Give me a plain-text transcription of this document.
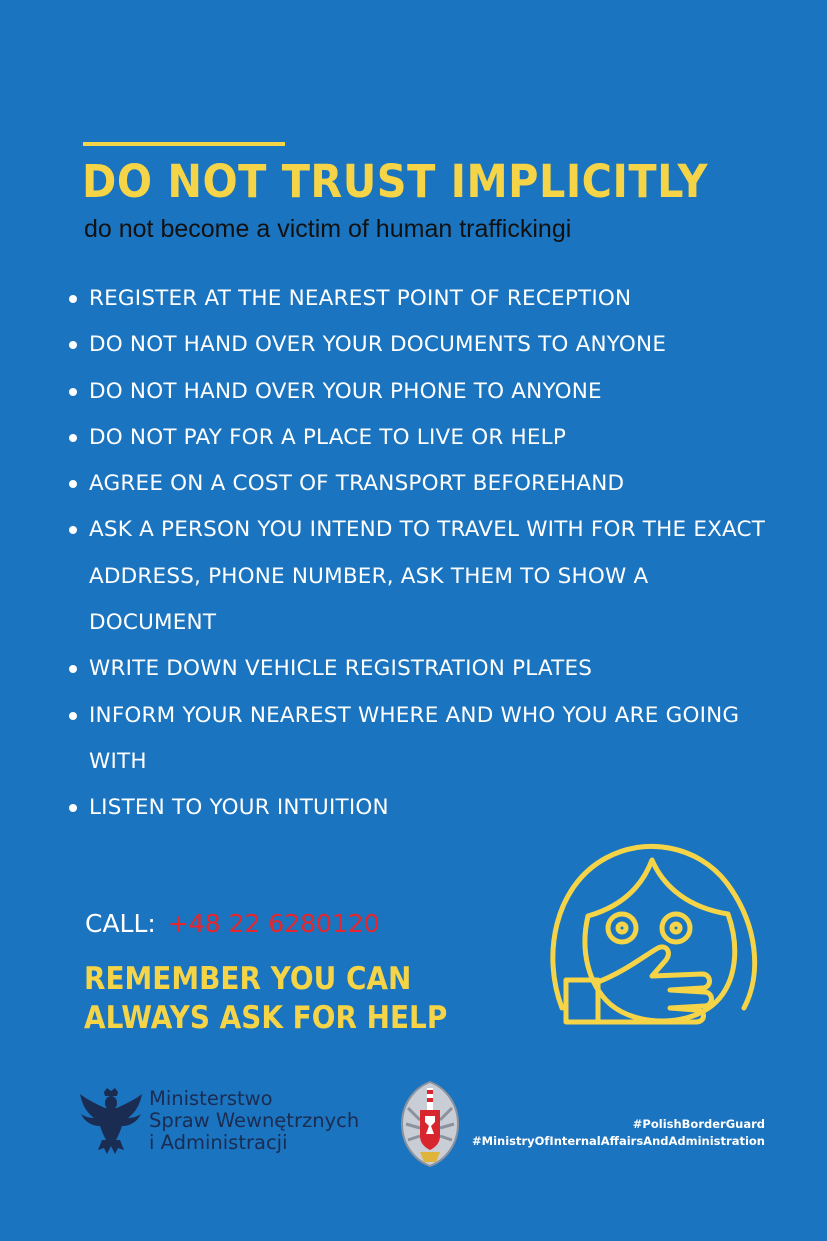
DO NOT TRUST IMPLICITLY

do not become a victim of human traffickingi

REGISTER AT THE NEAREST POINT OF RECEPTION
DO NOT HAND OVER YOUR DOCUMENTS TO ANYONE
DO NOT HAND OVER YOUR PHONE TO ANYONE
DO NOT PAY FOR A PLACE TO LIVE OR HELP
AGREE ON A COST OF TRANSPORT BEFOREHAND
ASK A PERSON YOU INTEND TO TRAVEL WITH FOR THE EXACT ADDRESS, PHONE NUMBER, ASK THEM TO SHOW A DOCUMENT
WRITE DOWN VEHICLE REGISTRATION PLATES
INFORM YOUR NEAREST WHERE AND WHO YOU ARE GOING WITH
LISTEN TO YOUR INTUITION
CALL: +48 22 6280120

REMEMBER YOU CAN
ALWAYS ASK FOR HELP

Ministerstwo
Spraw Wewnętrznych
i Administracji
#PolishBorderGuard
#MinistryOfInternalAffairsAndAdministration
